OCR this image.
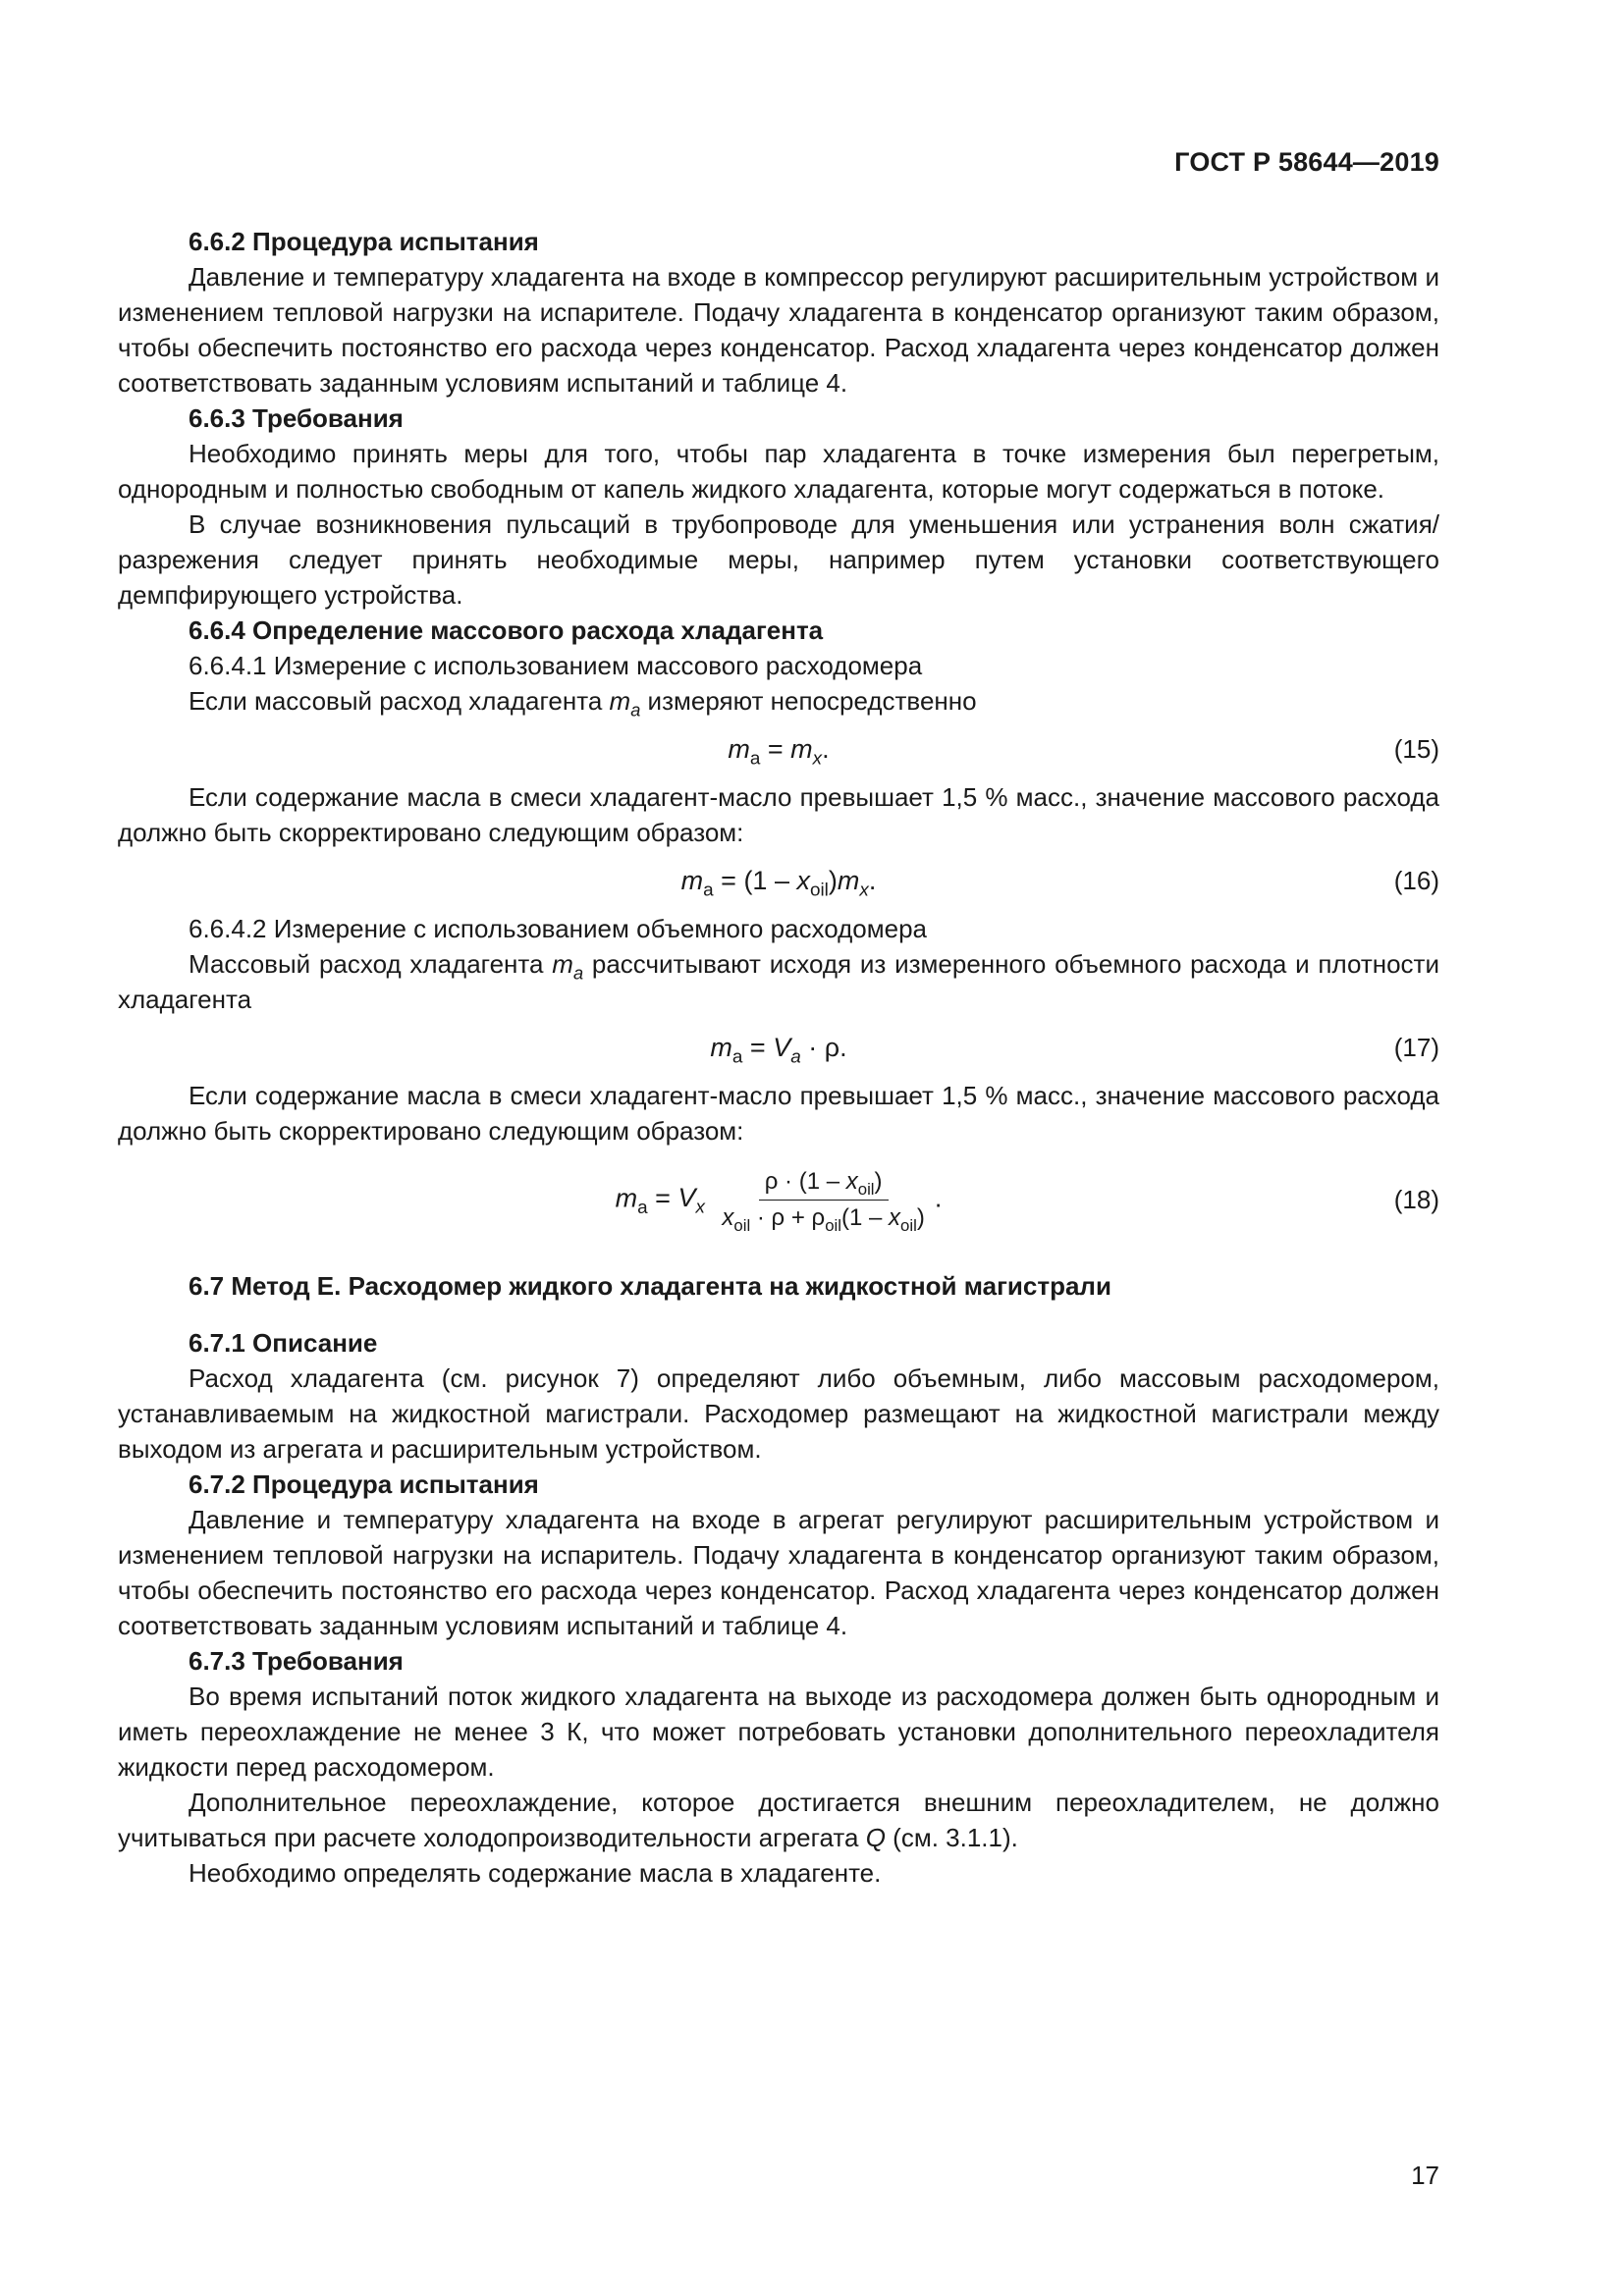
ГОСТ Р 58644—2019

6.6.2 Процедура испытания

Давление и температуру хладагента на входе в компрессор регулируют расширительным устройством и изменением тепловой нагрузки на испарителе. Подачу хладагента в конденсатор организуют таким образом, чтобы обеспечить постоянство его расхода через конденсатор. Расход хладагента через конденсатор должен соответствовать заданным условиям испытаний и таблице 4.

6.6.3 Требования

Необходимо принять меры для того, чтобы пар хладагента в точке измерения был перегретым, однородным и полностью свободным от капель жидкого хладагента, которые могут содержаться в потоке.

В случае возникновения пульсаций в трубопроводе для уменьшения или устранения волн сжатия/разрежения следует принять необходимые меры, например путем установки соответствующего демпфирующего устройства.

6.6.4 Определение массового расхода хладагента

6.6.4.1 Измерение с использованием массового расходомера

Если массовый расход хладагента $m_a$ измеряют непосредственно

$m_a = m_x$.	(15)

Если содержание масла в смеси хладагент-масло превышает 1,5 % масс., значение массового расхода должно быть скорректировано следующим образом:

$m_a = (1 - x_{oil})m_x$.	(16)

6.6.4.2 Измерение с использованием объемного расходомера

Массовый расход хладагента $m_a$ рассчитывают исходя из измеренного объемного расхода и плотности хладагента

$m_a = V_a \cdot \rho$.	(17)

Если содержание масла в смеси хладагент-масло превышает 1,5 % масс., значение массового расхода должно быть скорректировано следующим образом:

$m_a = V_x \frac{\rho \cdot (1 - x_{oil})}{x_{oil} \cdot \rho + \rho_{oil}(1 - x_{oil})}$ .	(18)

6.7 Метод Е. Расходомер жидкого хладагента на жидкостной магистрали

6.7.1 Описание

Расход хладагента (см. рисунок 7) определяют либо объемным, либо массовым расходомером, устанавливаемым на жидкостной магистрали. Расходомер размещают на жидкостной магистрали между выходом из агрегата и расширительным устройством.

6.7.2 Процедура испытания

Давление и температуру хладагента на входе в агрегат регулируют расширительным устройством и изменением тепловой нагрузки на испаритель. Подачу хладагента в конденсатор организуют таким образом, чтобы обеспечить постоянство его расхода через конденсатор. Расход хладагента через конденсатор должен соответствовать заданным условиям испытаний и таблице 4.

6.7.3 Требования

Во время испытаний поток жидкого хладагента на выходе из расходомера должен быть однородным и иметь переохлаждение не менее 3 К, что может потребовать установки дополнительного переохладителя жидкости перед расходомером.

Дополнительное переохлаждение, которое достигается внешним переохладителем, не должно учитываться при расчете холодопроизводительности агрегата Q (см. 3.1.1).

Необходимо определять содержание масла в хладагенте.

17
